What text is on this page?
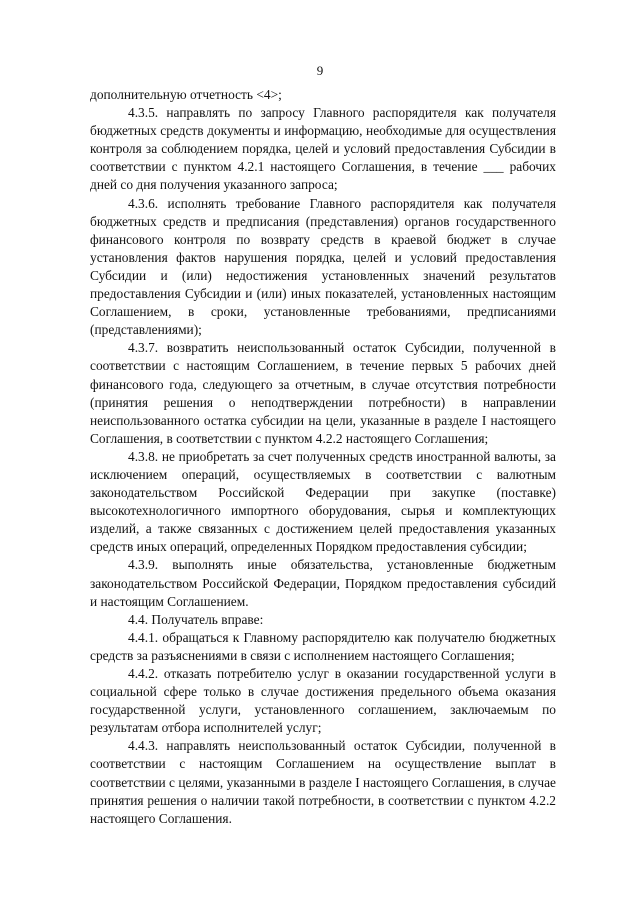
9

дополнительную отчетность <4>;

4.3.5. направлять по запросу Главного распорядителя как получателя бюджетных средств документы и информацию, необходимые для осуществления контроля за соблюдением порядка, целей и условий предоставления Субсидии в соответствии с пунктом 4.2.1 настоящего Соглашения, в течение ___ рабочих дней со дня получения указанного запроса;

4.3.6. исполнять требование Главного распорядителя как получателя бюджетных средств и предписания (представления) органов государственного финансового контроля по возврату средств в краевой бюджет в случае установления фактов нарушения порядка, целей и условий предоставления Субсидии и (или) недостижения установленных значений результатов предоставления Субсидии и (или) иных показателей, установленных настоящим Соглашением, в сроки, установленные требованиями, предписаниями (представлениями);

4.3.7. возвратить неиспользованный остаток Субсидии, полученной в соответствии с настоящим Соглашением, в течение первых 5 рабочих дней финансового года, следующего за отчетным, в случае отсутствия потребности (принятия решения о неподтверждении потребности) в направлении неиспользованного остатка субсидии на цели, указанные в разделе I настоящего Соглашения, в соответствии с пунктом 4.2.2 настоящего Соглашения;

4.3.8. не приобретать за счет полученных средств иностранной валюты, за исключением операций, осуществляемых в соответствии с валютным законодательством Российской Федерации при закупке (поставке) высокотехнологичного импортного оборудования, сырья и комплектующих изделий, а также связанных с достижением целей предоставления указанных средств иных операций, определенных Порядком предоставления субсидии;

4.3.9. выполнять иные обязательства, установленные бюджетным законодательством Российской Федерации, Порядком предоставления субсидий и настоящим Соглашением.

4.4. Получатель вправе:

4.4.1. обращаться к Главному распорядителю как получателю бюджетных средств за разъяснениями в связи с исполнением настоящего Соглашения;

4.4.2. отказать потребителю услуг в оказании государственной услуги в социальной сфере только в случае достижения предельного объема оказания государственной услуги, установленного соглашением, заключаемым по результатам отбора исполнителей услуг;

4.4.3. направлять неиспользованный остаток Субсидии, полученной в соответствии с настоящим Соглашением на осуществление выплат в соответствии с целями, указанными в разделе I настоящего Соглашения, в случае принятия решения о наличии такой потребности, в соответствии с пунктом 4.2.2 настоящего Соглашения.
